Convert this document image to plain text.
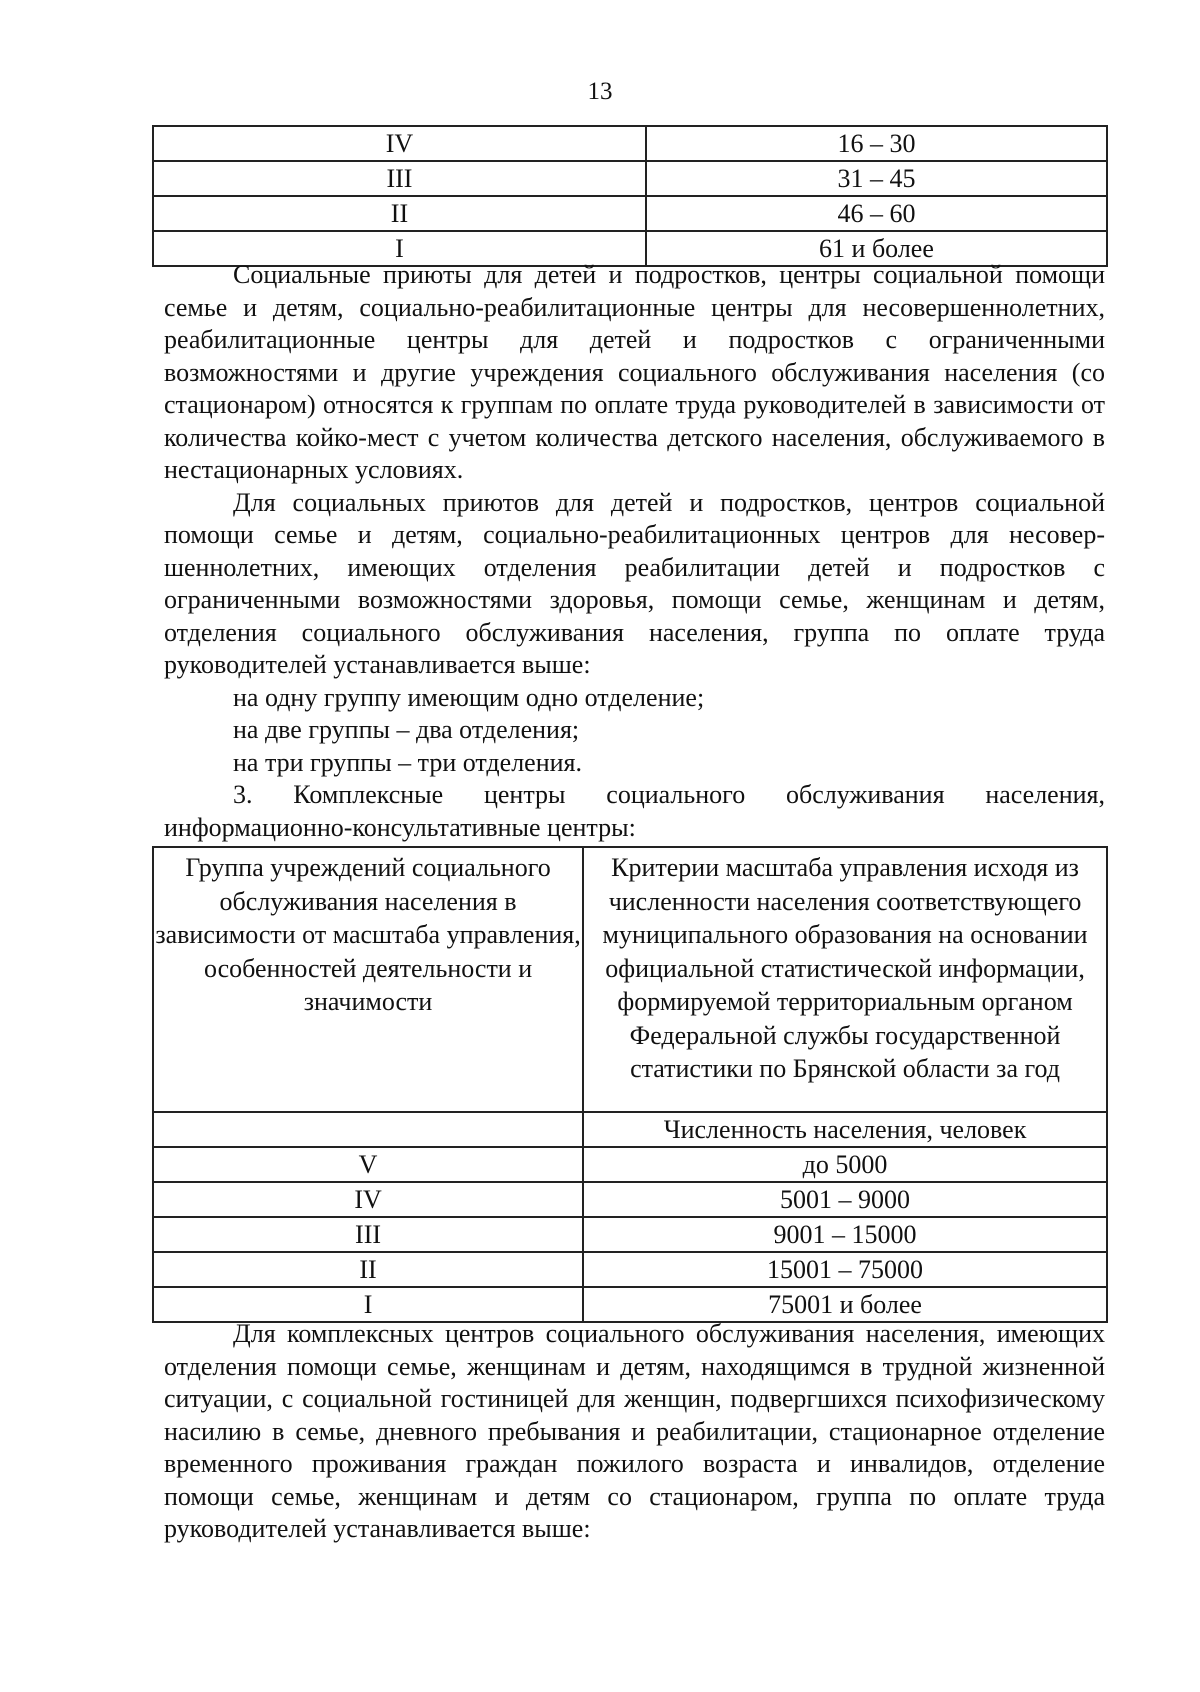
13
IV	16 – 30
III	31 – 45
II	46 – 60
I	61 и более

Социальные приюты для детей и подростков, центры социальной помощи семье и детям, социально-реабилитационные центры для несовершеннолетних, реабилитационные центры для детей и подростков с ограниченными возможностями и другие учреждения социального обслуживания населения (со стационаром) относятся к группам по оплате труда руководителей в зависимости от количества койко-мест с учетом количества детского населения, обслуживаемого в нестационарных условиях.

Для социальных приютов для детей и подростков, центров социальной помощи семье и детям, социально-реабилитационных центров для несовершеннолетних, имеющих отделения реабилитации детей и подростков с ограниченными возможностями здоровья, помощи семье, женщинам и детям, отделения социального обслуживания населения, группа по оплате труда руководителей устанавливается выше:

на одну группу имеющим одно отделение;

на две группы – два отделения;

на три группы – три отделения.

3. Комплексные центры социального обслуживания населения, информационно-консультативные центры:

Группа учреждений социального обслуживания населения в зависимости от масштаба управления, особенностей деятельности и значимости	Критерии масштаба управления исходя из численности населения соответствующего муниципального образования на основании официальной статистической информации, формируемой территориальным органом Федеральной службы государственной статистики по Брянской области за год
	Численность населения, человек
V	до 5000
IV	5001 – 9000
III	9001 – 15000
II	15001 – 75000
I	75001 и более

Для комплексных центров социального обслуживания населения, имеющих отделения помощи семье, женщинам и детям, находящимся в трудной жизненной ситуации, с социальной гостиницей для женщин, подвергшихся психофизическому насилию в семье, дневного пребывания и реабилитации, стационарное отделение временного проживания граждан пожилого возраста и инвалидов, отделение помощи семье, женщинам и детям со стационаром, группа по оплате труда руководителей устанавливается выше:
